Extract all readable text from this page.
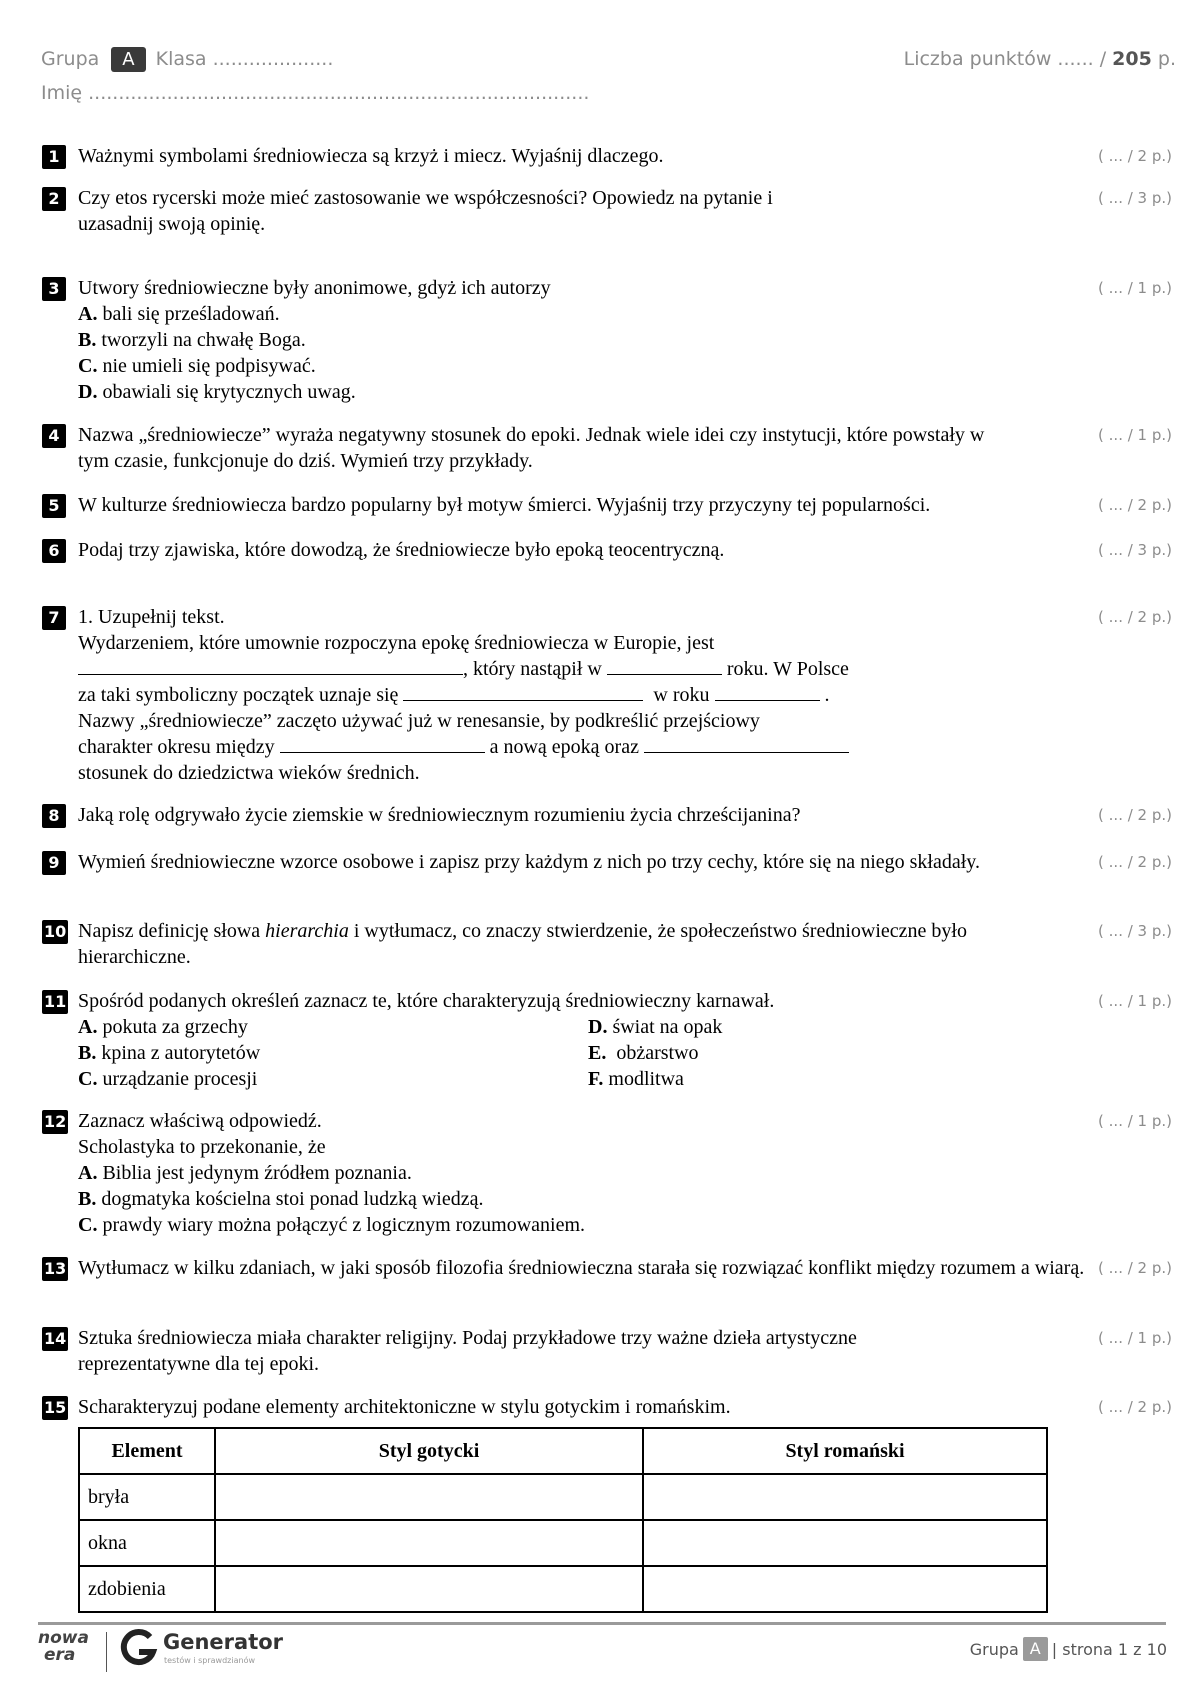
Grupa	A	Klasa ....................
Imię ...................................................................................
Liczba punktów ...... /
205
p.
1 Ważnymi symbolami średniowiecza są krzyż i miecz. Wyjaśnij dlaczego.	( ... / 2 p.)
2 Czy etos rycerski może mieć zastosowanie we współczesności? Opowiedz na pytanie i uzasadnij swoją opinię.
( ... / 3 p.)
3 Utwory średniowieczne były anonimowe, gdyż ich autorzy
A. bali się prześladowań.
B. tworzyli na chwałę Boga.
C. nie umieli się podpisywać.
D. obawiali się krytycznych uwag.
( ... / 1 p.)
4 Nazwa „średniowiecze” wyraża negatywny stosunek do epoki. Jednak wiele idei czy instytucji, które powstały w tym czasie, funkcjonuje do dziś. Wymień trzy przykłady.
( ... / 1 p.)
5 W kulturze średniowiecza bardzo popularny był motyw śmierci. Wyjaśnij trzy przyczyny tej popularności.	( ... / 2 p.)
6 Podaj trzy zjawiska, które dowodzą, że średniowiecze było epoką teocentryczną.	( ... / 3 p.)
7 1. Uzupełnij tekst.
Wydarzeniem, które umownie rozpoczyna epokę średniowiecza w Europie, jest
, który nastąpił w	roku. W Polsce
za taki symboliczny początek uznaje się	w roku	.
Nazwy „średniowiecze” zaczęto używać już w renesansie, by podkreślić przejściowy
charakter okresu między	a nową epoką oraz
stosunek do dziedzictwa wieków średnich.
( ... / 2 p.)
8 Jaką rolę odgrywało życie ziemskie w średniowiecznym rozumieniu życia chrześcijanina?	( ... / 2 p.)
9 Wymień średniowieczne wzorce osobowe i zapisz przy każdym z nich po trzy cechy, które się na niego składały.	( ... / 2 p.)
10 Napisz definicję słowa hierarchia i wytłumacz, co znaczy stwierdzenie, że społeczeństwo średniowieczne było hierarchiczne.
( ... / 3 p.)
11 Spośród podanych określeń zaznacz te, które charakteryzują średniowieczny karnawał.
A. pokuta za grzechy	D. świat na opak
B. kpina z autorytetów	E. obżarstwo
C. urządzanie procesji	F. modlitwa
( ... / 1 p.)
12 Zaznacz właściwą odpowiedź.
Scholastyka to przekonanie, że
A. Biblia jest jedynym źródłem poznania.
B. dogmatyka kościelna stoi ponad ludzką wiedzą.
C. prawdy wiary można połączyć z logicznym rozumowaniem.
( ... / 1 p.)
13 Wytłumacz w kilku zdaniach, w jaki sposób filozofia średniowieczna starała się rozwiązać konflikt między rozumem a wiarą. ( ... / 2 p.)
14 Sztuka średniowiecza miała charakter religijny. Podaj przykładowe trzy ważne dzieła artystyczne reprezentatywne dla tej epoki.
( ... / 1 p.)
15 Scharakteryzuj podane elementy architektoniczne w stylu gotyckim i romańskim.	( ... / 2 p.)
Element	Styl gotycki	Styl romański
bryła		
okna		
zdobienia		
nowa
era
Generator
testów i sprawdzianów
Grupa A | strona 1 z 10
